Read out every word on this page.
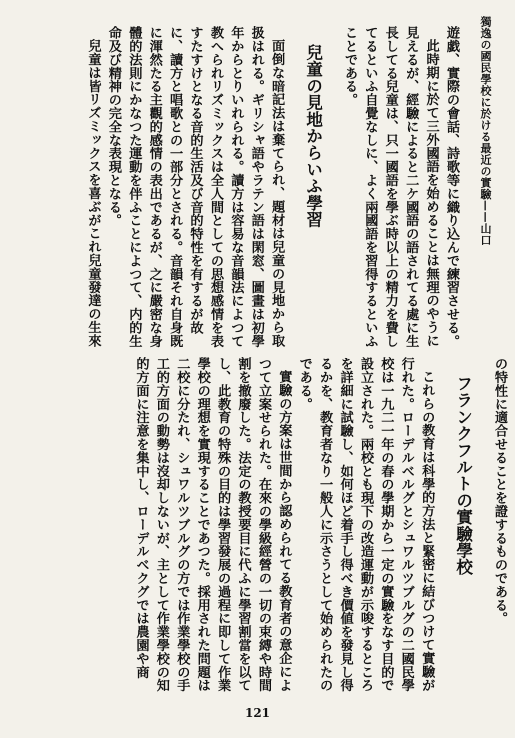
獨逸の國民學校に於ける最近の實驗——山口

遊戯、實際の會話、詩歌等に織り込んで練習させる。

此時期に於て三外國語を始めることは無理のやうに見えるが、經驗によると二ケ國語の語されてる處に生長してる兒童は、只一國語を學ぶ時以上の精力を費してるといふ自覺なしに、よく兩國語を習得するといふことである。

兒童の見地からいふ學習

面倒な暗記法は棄てられ、題材は兒童の見地から取扱はれる。ギリシャ語やラテン語は閑窓、圖畫は初學年からとりいれられる。讀方は容易な音韻法によつて教へられリズミックスは全人間としての思想感情を表すたすけとなる音的生活及び音的特性を有するが故に、讀方と唱歌との一部分とされる。音韻それ自身既に渾然たる主觀的感情の表出であるが、之に嚴密な身體的法則にかなつた運動を伴ふことによつて、内的生命及び精神の完全な表現となる。

兒童は皆リズミックスを喜ぶがこれ兒童發達の生來

の特性に適合せることを證するものである。

フランクフルトの實驗學校

これらの教育は科學的方法と緊密に結びつけて實驗が行れた。ローデルベルグとシュワルツブルグの二國民學校は一九二一年の春の學期から一定の實驗をなす目的で設立された。兩校とも現下の改造運動が示唆するところを詳細に試驗し、如何ほど着手し得べき價値を發見し得るかを、教育者なり一般人に示さうとして始められたのである。

實驗の方案は世間から認められてる教育者の意企によつて立案せられた。在來の學級經營の一切の束縛や時間割を撤廢した。法定の教授要目に代ふに學習割當を以てし、此教育の特殊の目的は學習發展の過程に即して作業學校の理想を實現することであつた。採用された問題は二校に分たれ、シュワルツブルグの方では作業學校の手工的方面の動勢は沒却しないが、主として作業學校の知的方面に注意を集中し、ローデルベクグでは農園や商

121
